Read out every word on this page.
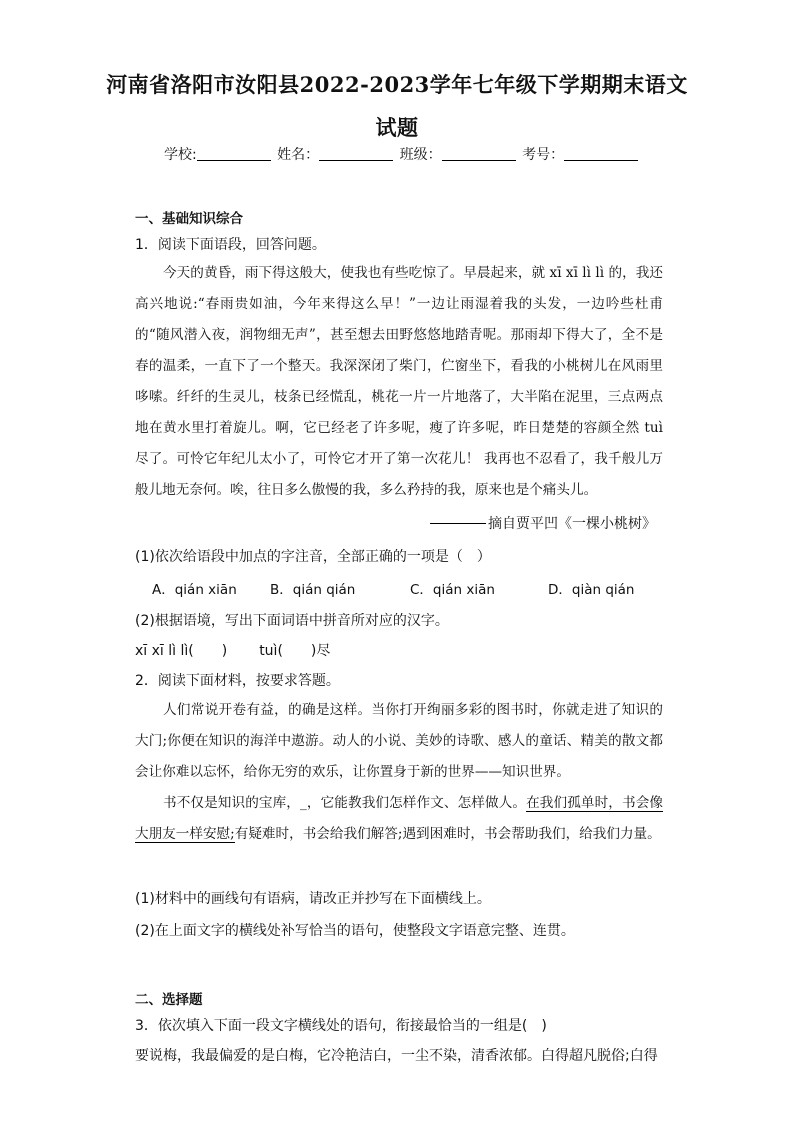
河南省洛阳市汝阳县2022-2023学年七年级下学期期末语文
试题
学校:	姓名：	班级：	考号：
一、基础知识综合
1．阅读下面语段，回答问题。

今天的黄昏，雨下得这般大，使我也有些吃惊了。早晨起来，就 xī xī lì lì 的，我还高兴地说:“春雨贵如油，今年来得这么早！”一边让雨湿着我的头发，一边吟些杜甫的“随风潜入夜，润物细无声”，甚至想去田野悠悠地踏青呢。那雨却下得大了，全不是春的温柔，一直下了一个整天。我深深闭了柴门，伫窗坐下，看我的小桃树儿在风雨里哆嗦。纤纤的生灵儿，枝条已经慌乱，桃花一片一片地落了，大半陷在泥里，三点两点地在黄水里打着旋儿。啊，它已经老了许多呢，瘦了许多呢，昨日楚楚的容颜全然 tuì 尽了。可怜它年纪儿太小了，可怜它才开了第一次花儿！ 我再也不忍看了，我千般儿万般儿地无奈何。唉，往日多么傲慢的我，多么矜持的我，原来也是个痛头儿。

摘自贾平凹《一棵小桃树》
(1)依次给语段中加点的字注音，全部正确的一项是（　）
A．qián xiān B．qián qián	C．qián xiān	D．qiàn qián
(2)根据语境，写出下面词语中拼音所对应的汉字。
xī xī lì lì(　　) tuì(　　)尽
2．阅读下面材料，按要求答题。

人们常说开卷有益，的确是这样。当你打开绚丽多彩的图书时，你就走进了知识的大门;你便在知识的海洋中遨游。动人的小说、美妙的诗歌、感人的童话、精美的散文都会让你难以忘怀，给你无穷的欢乐，让你置身于新的世界——知识世界。

书不仅是知识的宝库，_，它能教我们怎样作文、怎样做人。在我们孤单时，书会像大朋友一样安慰;有疑难时，书会给我们解答;遇到困难时，书会帮助我们，给我们力量。

(1)材料中的画线句有语病，请改正并抄写在下面横线上。
(2)在上面文字的横线处补写恰当的语句，使整段文字语意完整、连贯。
二、选择题
3．依次填入下面一段文字横线处的语句，衔接最恰当的一组是(　)
要说梅，我最偏爱的是白梅，它冷艳洁白，一尘不染，清香浓郁。白得超凡脱俗;白得
